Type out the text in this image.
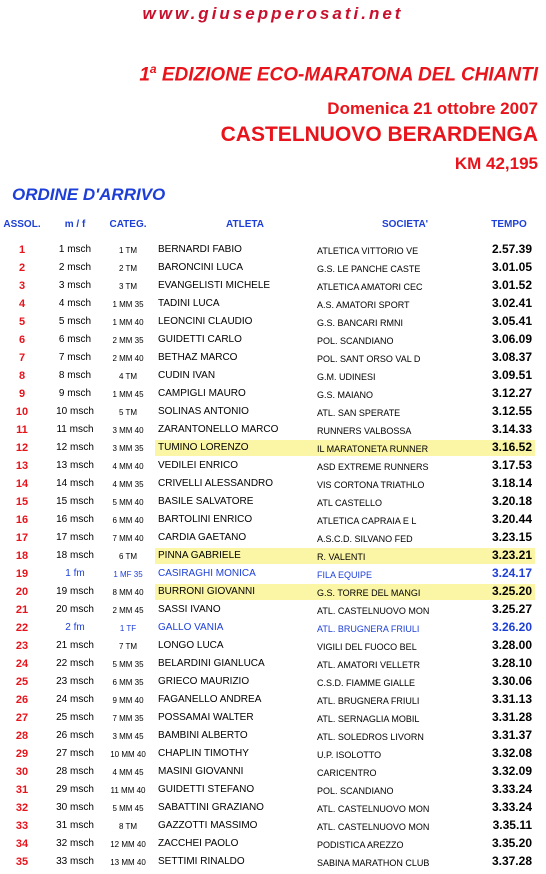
www.giusepperosati.net
1$^a$ EDIZIONE ECO-MARATONA DEL CHIANTI
Domenica 21 ottobre 2007
CASTELNUOVO BERARDENGA
KM 42,195
ORDINE D'ARRIVO
ASSOL.	m / f	CATEG.	ATLETA	SOCIETA'	TEMPO
1	1 msch	1 TM	BERNARDI FABIO	ATLETICA VITTORIO VE	2.57.39
2	2 msch	2 TM	BARONCINI LUCA	G.S. LE PANCHE CASTE	3.01.05
3	3 msch	3 TM	EVANGELISTI MICHELE	ATLETICA AMATORI CEC	3.01.52
4	4 msch	1 MM 35	TADINI LUCA	A.S. AMATORI SPORT	3.02.41
5	5 msch	1 MM 40	LEONCINI CLAUDIO	G.S. BANCARI RMNI	3.05.41
6	6 msch	2 MM 35	GUIDETTI CARLO	POL. SCANDIANO	3.06.09
7	7 msch	2 MM 40	BETHAZ MARCO	POL. SANT ORSO VAL D	3.08.37
8	8 msch	4 TM	CUDIN IVAN	G.M. UDINESI	3.09.51
9	9 msch	1 MM 45	CAMPIGLI MAURO	G.S. MAIANO	3.12.27
10	10 msch	5 TM	SOLINAS ANTONIO	ATL. SAN SPERATE	3.12.55
11	11 msch	3 MM 40	ZARANTONELLO MARCO	RUNNERS VALBOSSA	3.14.33
12	12 msch	3 MM 35	TUMINO LORENZO	IL MARATONETA RUNNER	3.16.52
13	13 msch	4 MM 40	VEDILEI ENRICO	ASD EXTREME RUNNERS	3.17.53
14	14 msch	4 MM 35	CRIVELLI ALESSANDRO	VIS CORTONA TRIATHLO	3.18.14
15	15 msch	5 MM 40	BASILE SALVATORE	ATL CASTELLO	3.20.18
16	16 msch	6 MM 40	BARTOLINI ENRICO	ATLETICA CAPRAIA E L	3.20.44
17	17 msch	7 MM 40	CARDIA GAETANO	A.S.C.D. SILVANO FED	3.23.15
18	18 msch	6 TM	PINNA GABRIELE	R. VALENTI	3.23.21
19	1 fm	1 MF 35	CASIRAGHI MONICA	FILA EQUIPE	3.24.17
20	19 msch	8 MM 40	BURRONI GIOVANNI	G.S. TORRE DEL MANGI	3.25.20
21	20 msch	2 MM 45	SASSI IVANO	ATL. CASTELNUOVO MON	3.25.27
22	2 fm	1 TF	GALLO VANIA	ATL. BRUGNERA FRIULI	3.26.20
23	21 msch	7 TM	LONGO LUCA	VIGILI DEL FUOCO BEL	3.28.00
24	22 msch	5 MM 35	BELARDINI GIANLUCA	ATL. AMATORI VELLETR	3.28.10
25	23 msch	6 MM 35	GRIECO MAURIZIO	C.S.D. FIAMME GIALLE	3.30.06
26	24 msch	9 MM 40	FAGANELLO ANDREA	ATL. BRUGNERA FRIULI	3.31.13
27	25 msch	7 MM 35	POSSAMAI WALTER	ATL. SERNAGLIA MOBIL	3.31.28
28	26 msch	3 MM 45	BAMBINI ALBERTO	ATL. SOLEDROS LIVORN	3.31.37
29	27 msch	10 MM 40	CHAPLIN TIMOTHY	U.P. ISOLOTTO	3.32.08
30	28 msch	4 MM 45	MASINI GIOVANNI	CARICENTRO	3.32.09
31	29 msch	11 MM 40	GUIDETTI STEFANO	POL. SCANDIANO	3.33.24
32	30 msch	5 MM 45	SABATTINI GRAZIANO	ATL. CASTELNUOVO MON	3.33.24
33	31 msch	8 TM	GAZZOTTI MASSIMO	ATL. CASTELNUOVO MON	3.35.11
34	32 msch	12 MM 40	ZACCHEI PAOLO	PODISTICA AREZZO	3.35.20
35	33 msch	13 MM 40	SETTIMI RINALDO	SABINA MARATHON CLUB	3.37.28
